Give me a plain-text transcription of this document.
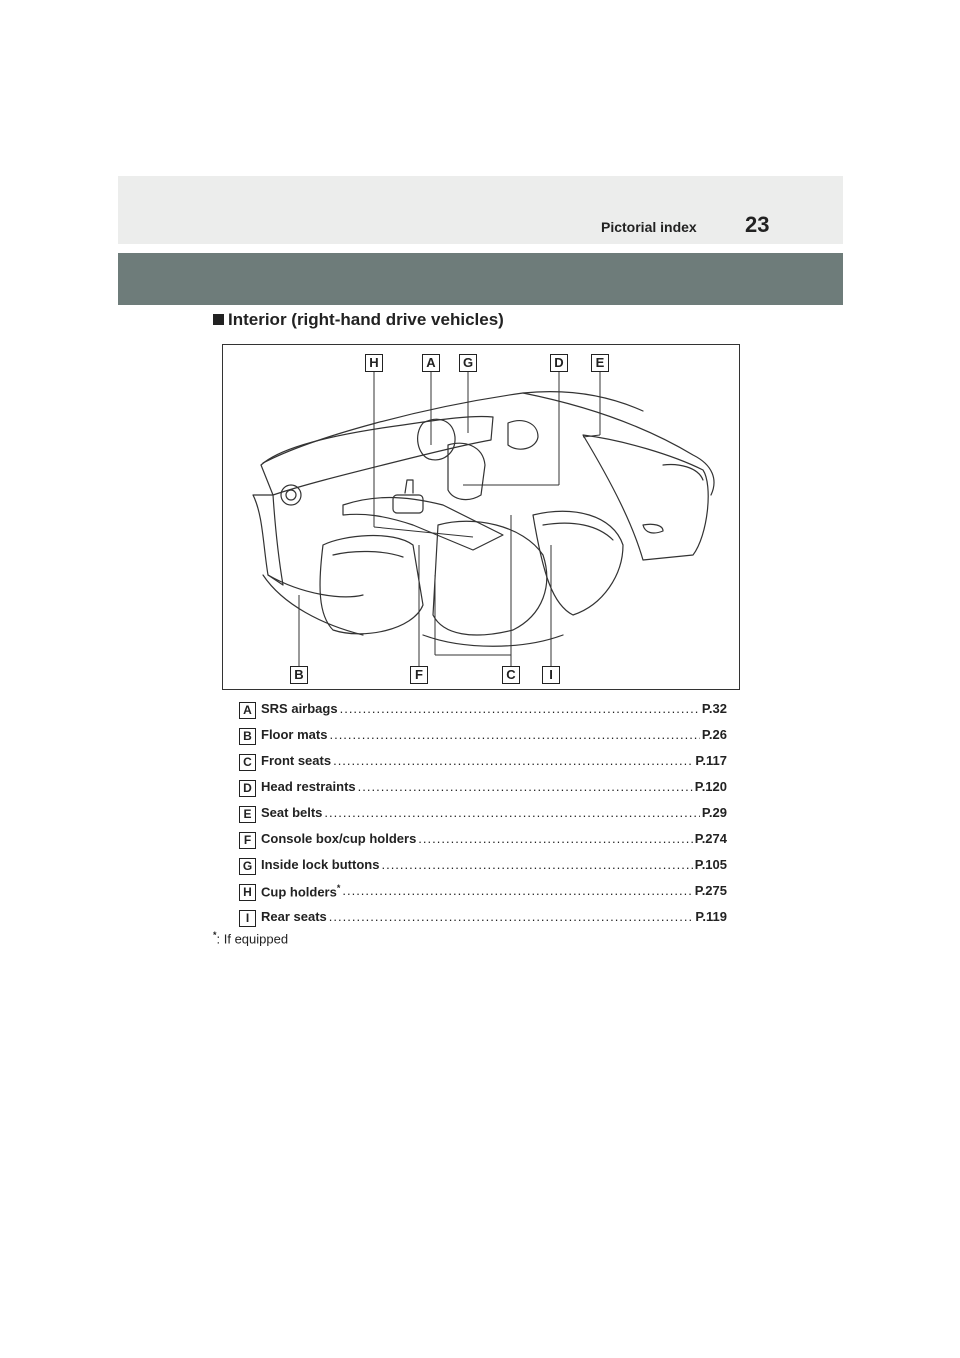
Pictorial index 23
Interior (right-hand drive vehicles)
H	A	G	D	E
B	F	C	I
A SRS airbags .....	P.32
B Floor mats .....	P.26
C Front seats .....	P.117
D Head restraints .....	P.120
E Seat belts .....	P.29
F Console box/cup holders .....	P.274
G Inside lock buttons .....	P.105
H Cup holders* .....	P.275
I Rear seats .....	P.119
*: If equipped
